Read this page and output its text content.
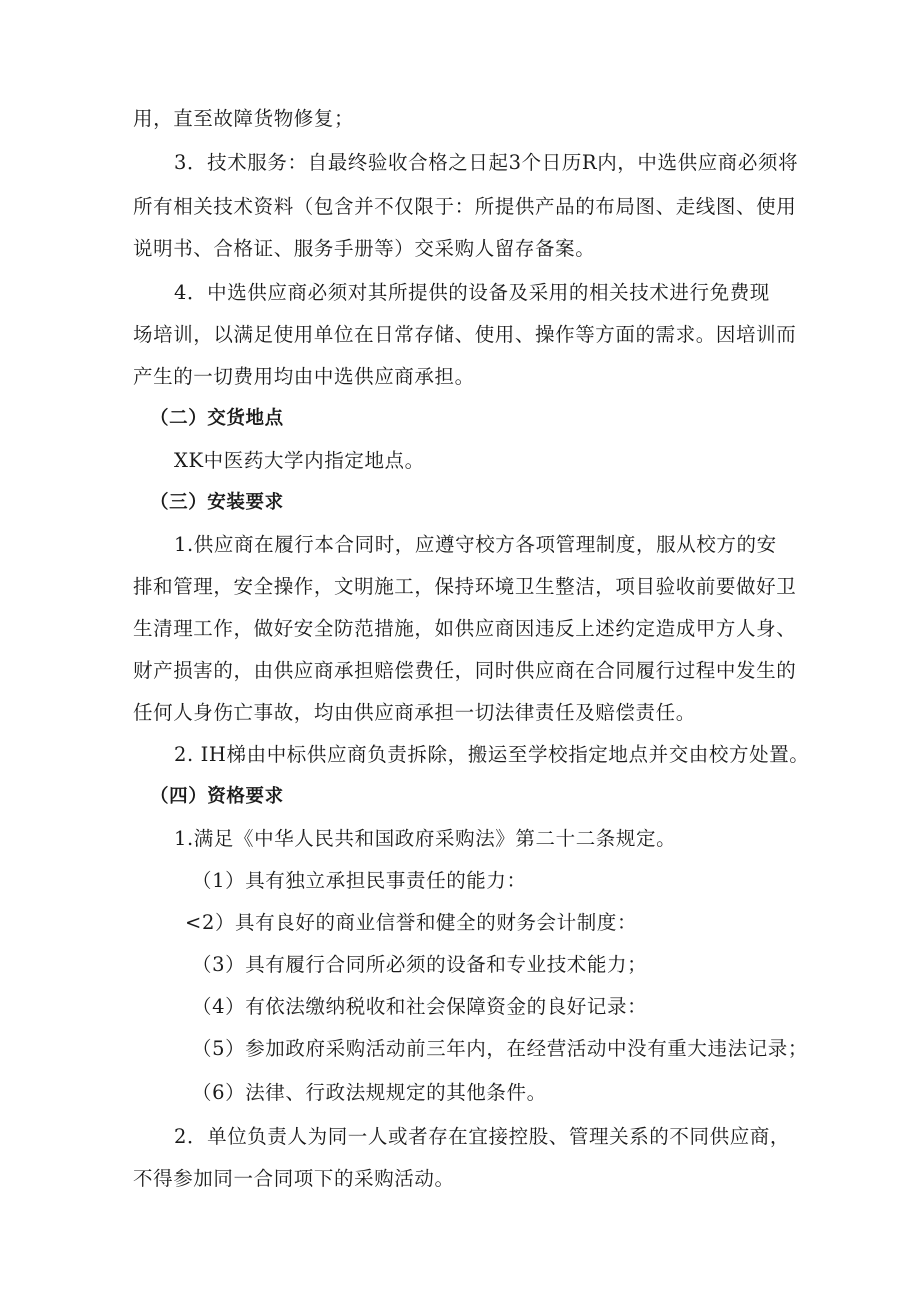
用，直至故障货物修复；
3．技术服务：自最终验收合格之日起3个日历R内，中选供应商必须将
所有相关技术资料（包含并不仅限于：所提供产品的布局图、走线图、使用
说明书、合格证、服务手册等）交采购人留存备案。
4．中选供应商必须对其所提供的设备及采用的相关技术进行免费现
场培训，以满足使用单位在日常存储、使用、操作等方面的需求。因培训而
产生的一切费用均由中选供应商承担。
（二）交货地点
XK中医药大学内指定地点。
（三）安装要求
1.供应商在履行本合同时，应遵守校方各项管理制度，服从校方的安
排和管理，安全操作，文明施工，保持环境卫生整洁，项目验收前要做好卫
生清理工作，做好安全防范措施，如供应商因违反上述约定造成甲方人身、
财产损害的，由供应商承担赔偿费任，同时供应商在合同履行过程中发生的
任何人身伤亡事故，均由供应商承担一切法律责任及赔偿责任。
2. IH梯由中标供应商负责拆除，搬运至学校指定地点并交由校方处置。
（四）资格要求
1.满足《中华人民共和国政府采购法》第二十二条规定。
（1）具有独立承担民事责任的能力：
<2）具有良好的商业信誉和健全的财务会计制度：
（3）具有履行合同所必须的设备和专业技术能力；
（4）有依法缴纳税收和社会保障资金的良好记录：
（5）参加政府采购活动前三年内，在经营活动中没有重大违法记录；
（6）法律、行政法规规定的其他条件。
2．单位负责人为同一人或者存在宜接控股、管理关系的不同供应商，
不得参加同一合同项下的采购活动。
